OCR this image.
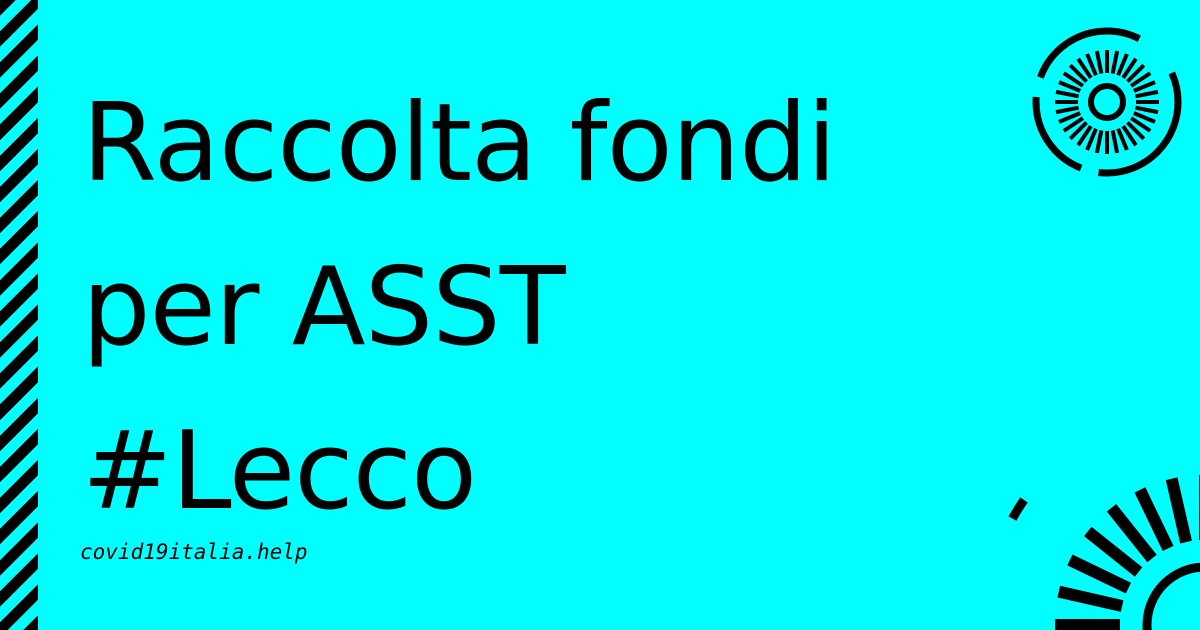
Raccolta fondi
per ASST
#Lecco
covid19italia.help
